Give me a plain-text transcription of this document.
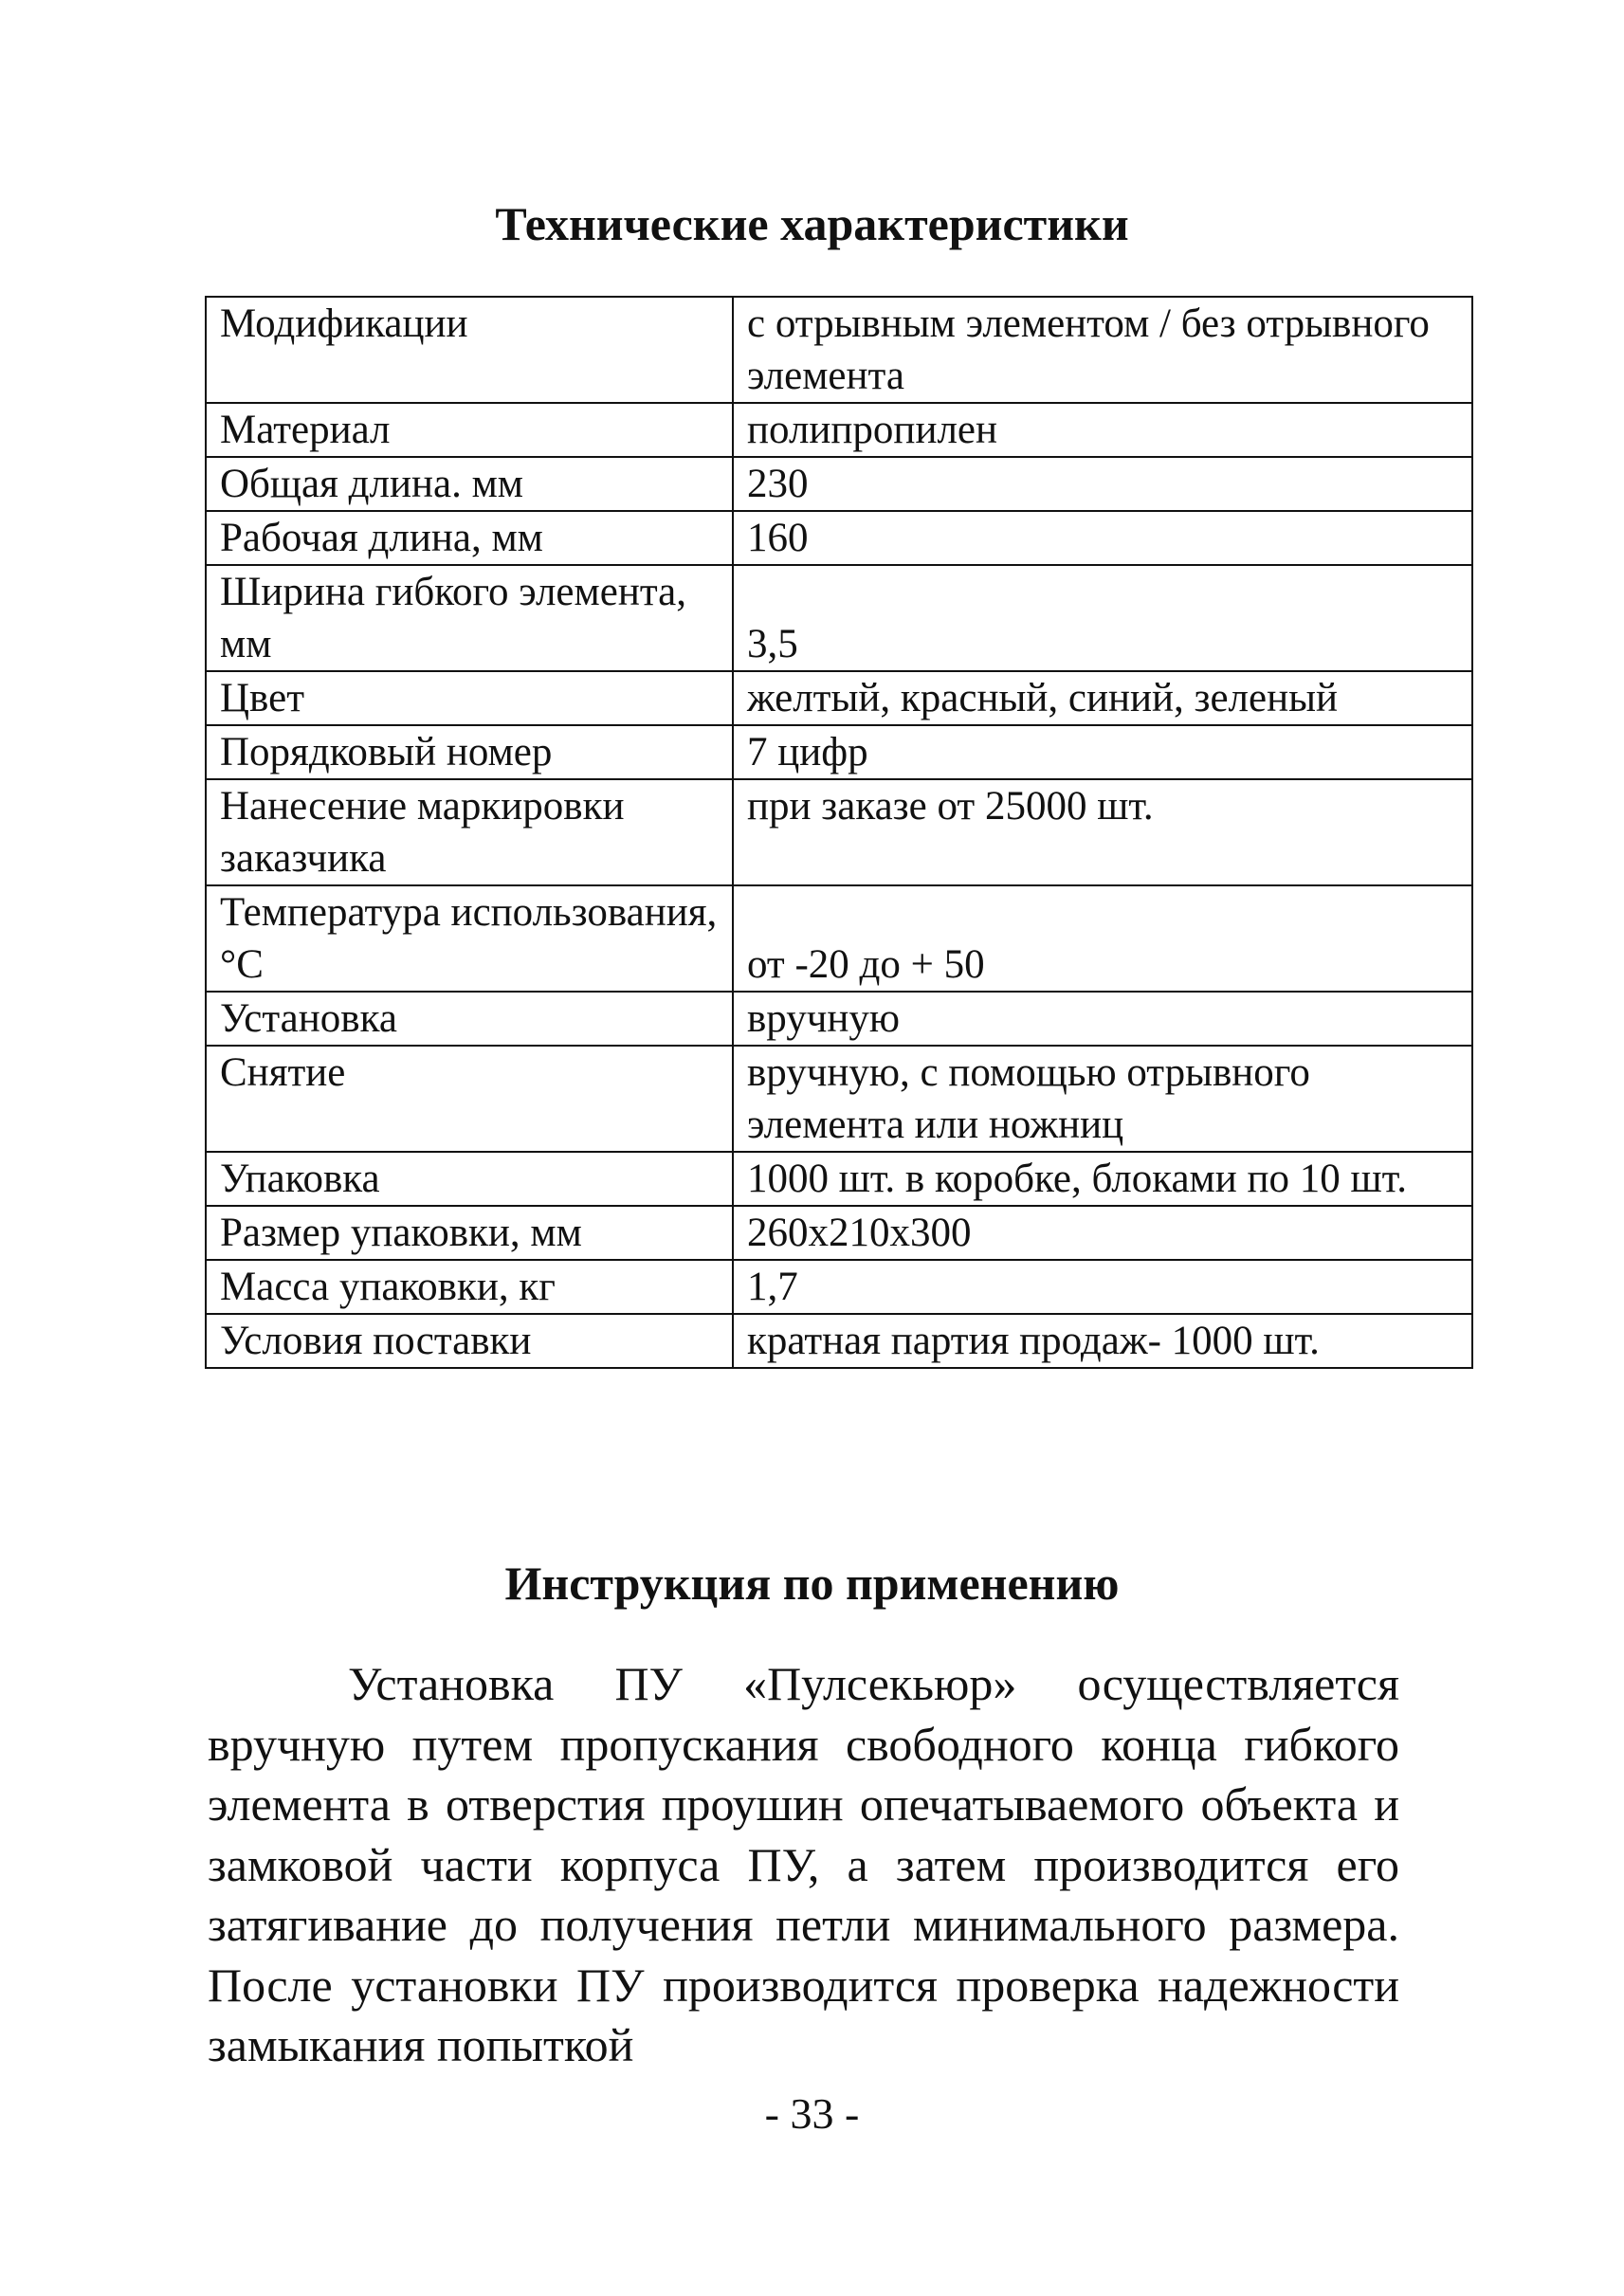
Технические характеристики
Модификации	с отрывным элементом / без отрывного элемента
Материал	полипропилен
Общая длина. мм	230
Рабочая длина, мм	160
Ширина гибкого элемента, мм	3,5
Цвет	желтый, красный, синий, зеленый
Порядковый номер	7 цифр
Нанесение маркировки заказчика	при заказе от 25000 шт.
Температура использования, °С	от -20 до + 50
Установка	вручную
Снятие	вручную, с помощью отрывного элемента или ножниц
Упаковка	1000 шт. в коробке, блоками по 10 шт.
Размер упаковки, мм	260x210x300
Масса упаковки, кг	1,7
Условия поставки	кратная партия продаж- 1000 шт.
Инструкция по применению

Установка ПУ «Пулсекьюр» осуществляется вручную путем пропускания свободного конца гибкого элемента в отверстия проушин опечатываемого объекта и замковой части корпуса ПУ, а затем производится его затягивание до получения петли минимального размера. После установки ПУ производится проверка надежности замыкания попыткой

- 33 -
